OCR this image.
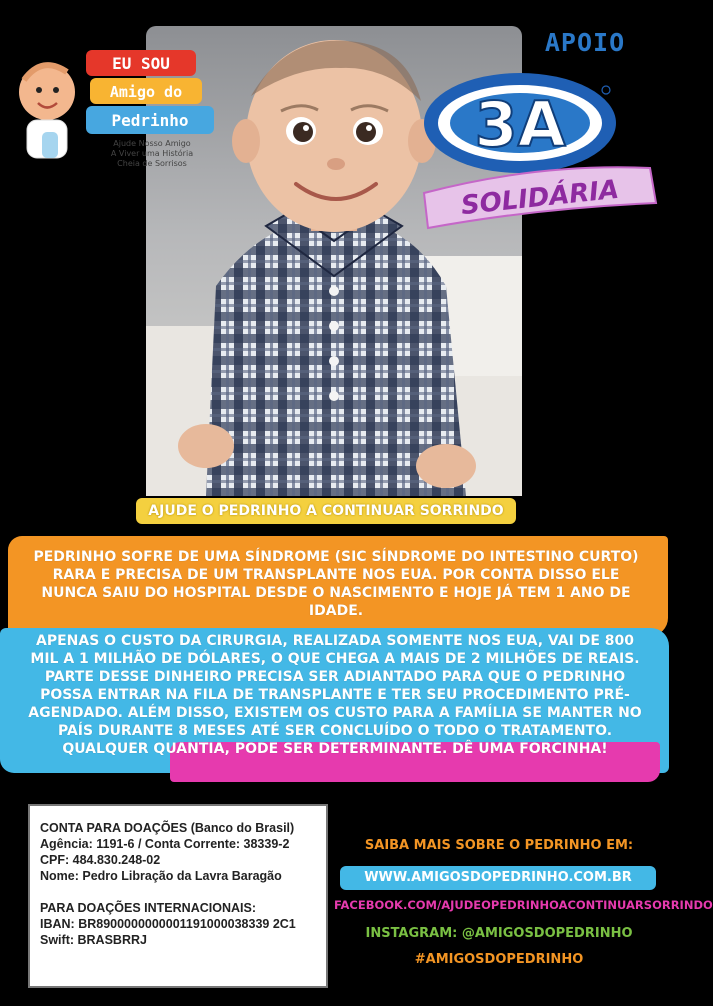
EU SOU
Amigo do
Pedrinho
Ajude Nosso Amigo
A Viver uma História
Cheia de Sorrisos
APOIO
3A
SOLIDÁRIA
AJUDE O PEDRINHO A CONTINUAR SORRINDO
PEDRINHO SOFRE DE UMA SÍNDROME (SIC SÍNDROME DO INTESTINO CURTO) RARA E PRECISA DE UM TRANSPLANTE NOS EUA. POR CONTA DISSO ELE NUNCA SAIU DO HOSPITAL DESDE O NASCIMENTO E HOJE JÁ TEM 1 ANO DE IDADE.
APENAS O CUSTO DA CIRURGIA, REALIZADA SOMENTE NOS EUA, VAI DE 800 MIL A 1 MILHÃO DE DÓLARES, O QUE CHEGA A MAIS DE 2 MILHÕES DE REAIS. PARTE DESSE DINHEIRO PRECISA SER ADIANTADO PARA QUE O PEDRINHO POSSA ENTRAR NA FILA DE TRANSPLANTE E TER SEU PROCEDIMENTO PRÉ-AGENDADO. ALÉM DISSO, EXISTEM OS CUSTO PARA A FAMÍLIA SE MANTER NO PAÍS DURANTE 8 MESES ATÉ SER CONCLUÍDO O TODO O TRATAMENTO. QUALQUER QUANTIA, PODE SER DETERMINANTE. DÊ UMA FORCINHA!
CONTA PARA DOAÇÕES (Banco do Brasil)
Agência: 1191-6 / Conta Corrente: 38339-2
CPF: 484.830.248-02
Nome: Pedro Libração da Lavra Baragão
PARA DOAÇÕES INTERNACIONAIS:
IBAN: BR8900000000001191000038339 2C1
Swift: BRASBRRJ
SAIBA MAIS SOBRE O PEDRINHO EM:
WWW.AMIGOSDOPEDRINHO.COM.BR
FACEBOOK.COM/AJUDEOPEDRINHOACONTINUARSORRINDO
INSTAGRAM: @AMIGOSDOPEDRINHO
#AMIGOSDOPEDRINHO
